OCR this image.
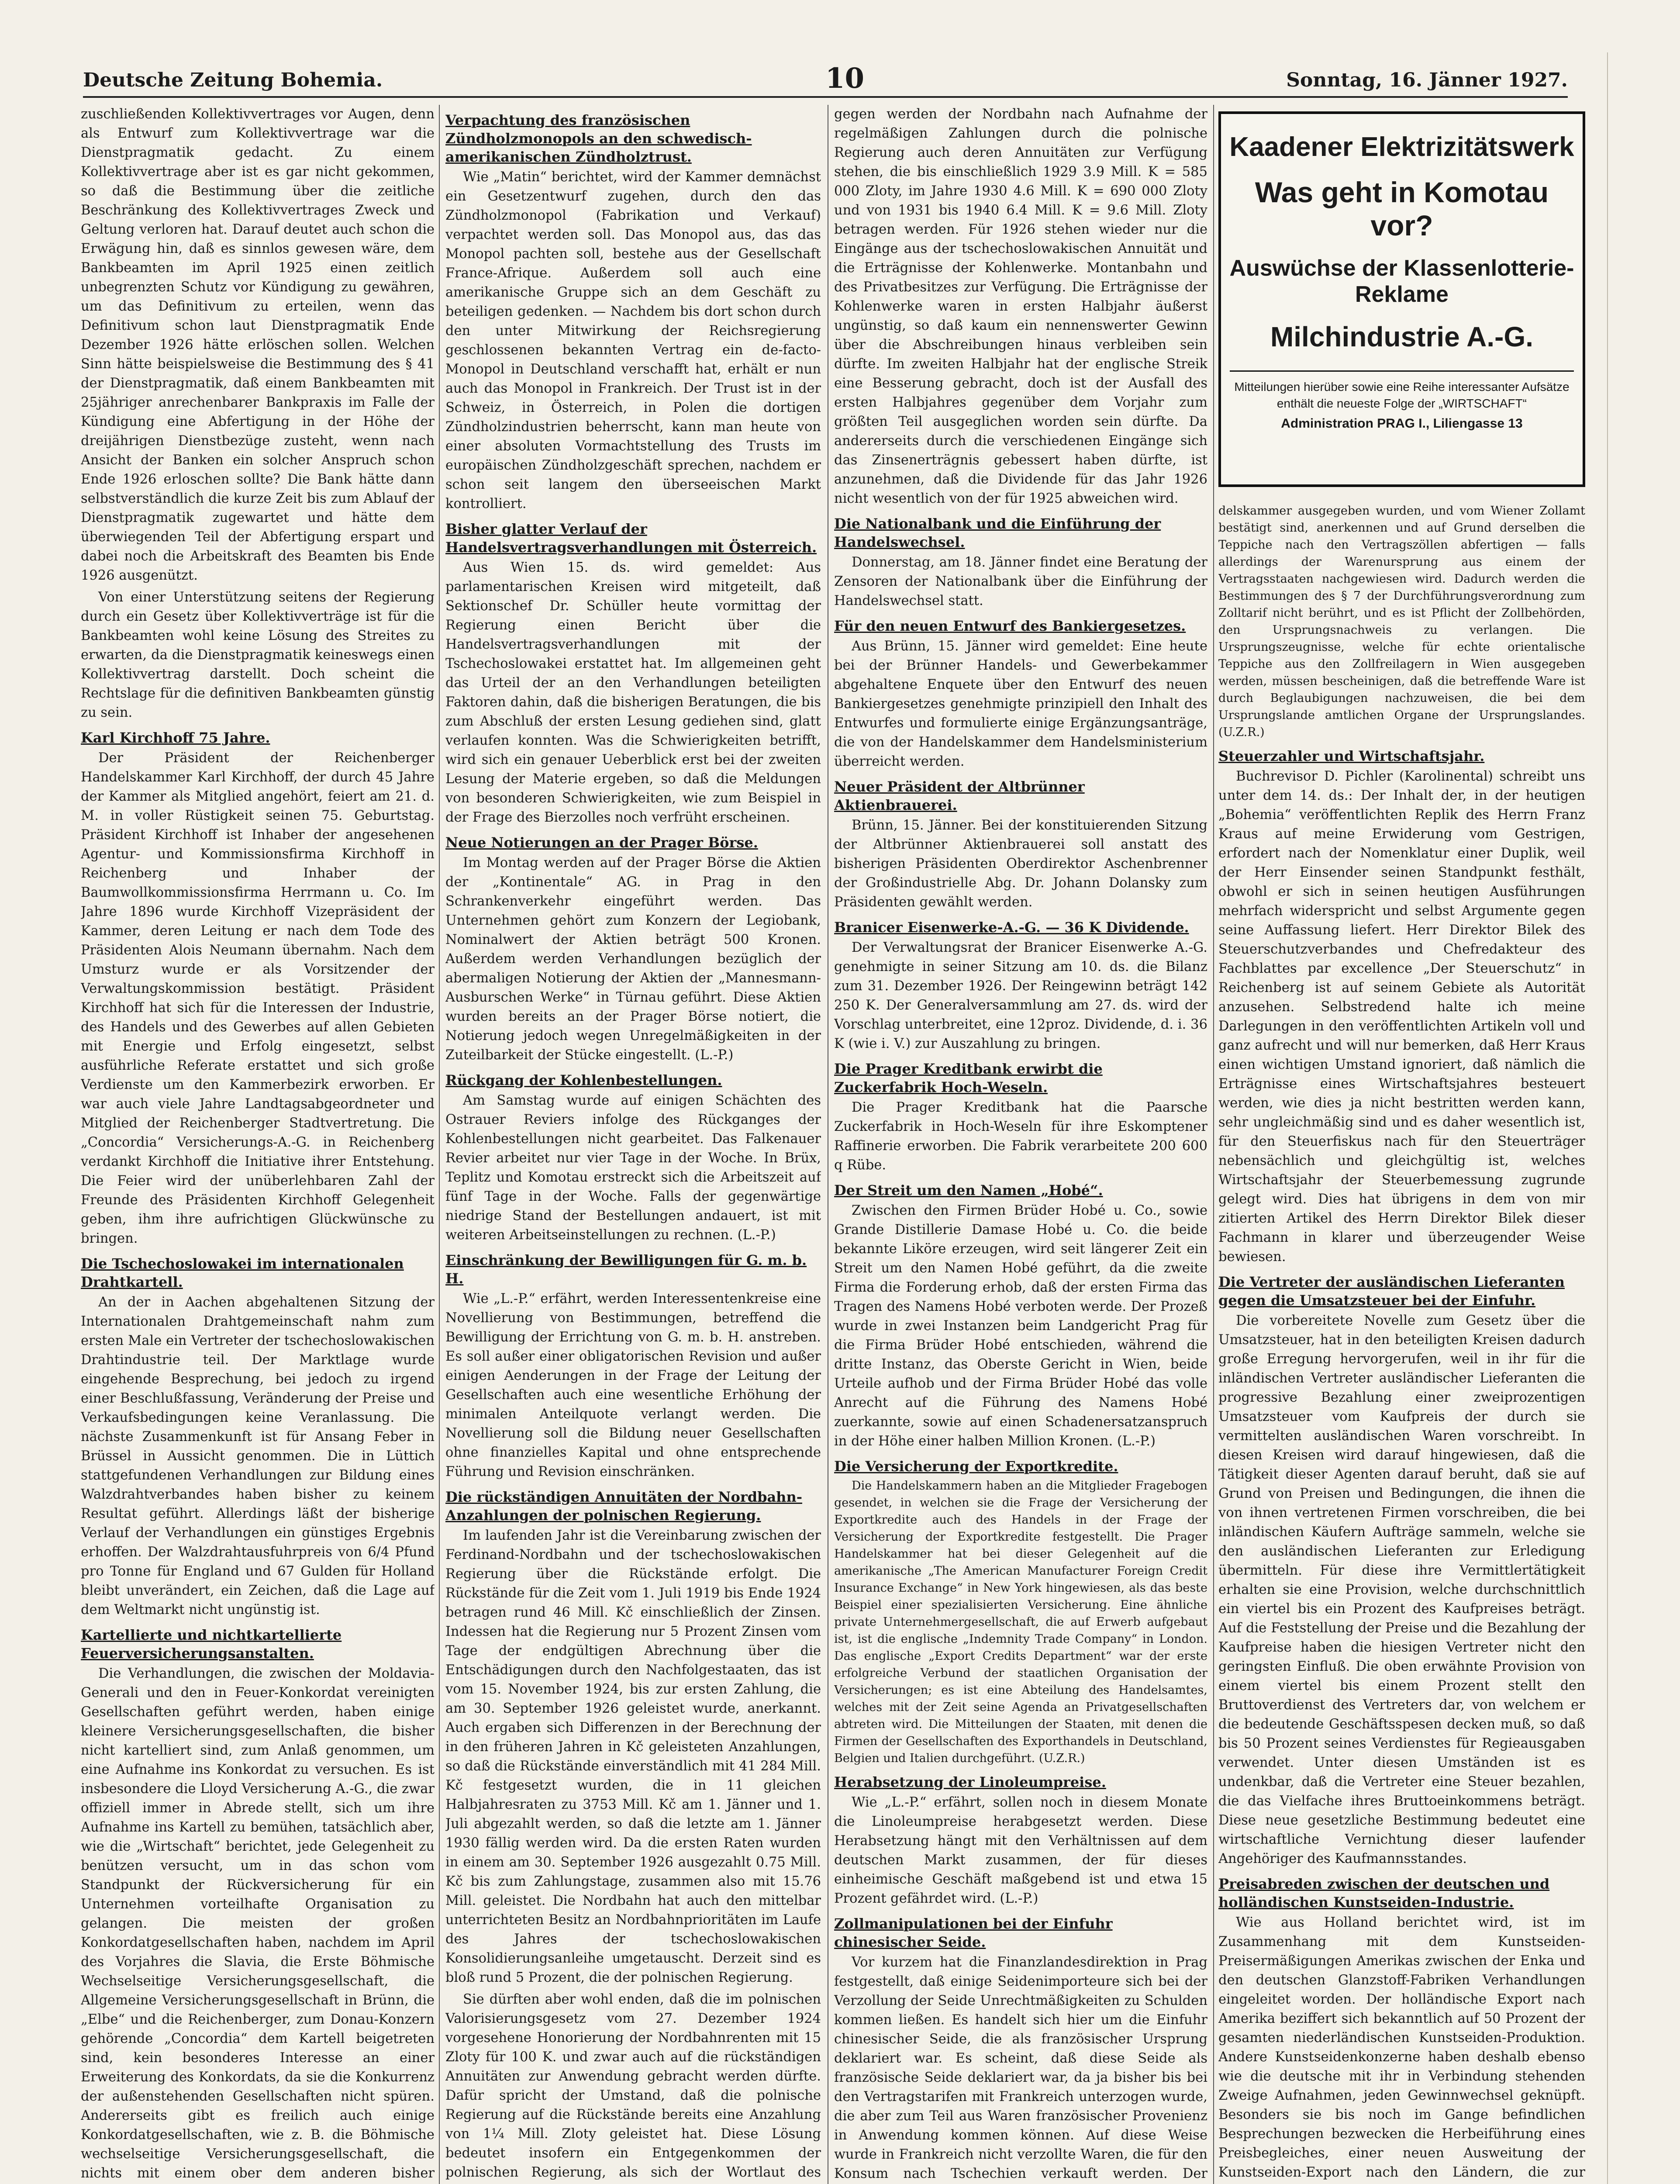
Deutsche Zeitung Bohemia.	10	Sonntag, 16. Jänner 1927.

zuschließenden Kollektivvertrages vor Augen, denn als Entwurf zum Kollektivvertrage war die Dienstpragmatik gedacht. Zu einem Kollektivvertrage aber ist es gar nicht gekommen, so daß die Bestimmung über die zeitliche Beschränkung des Kollektivvertrages Zweck und Geltung verloren hat. Darauf deutet auch schon die Erwägung hin, daß es sinnlos gewesen wäre, dem Bankbeamten im April 1925 einen zeitlich unbegrenzten Schutz vor Kündigung zu gewähren, um das Definitivum zu erteilen, wenn das Definitivum schon laut Dienstpragmatik Ende Dezember 1926 hätte erlöschen sollen. Welchen Sinn hätte beispielsweise die Bestimmung des § 41 der Dienstpragmatik, daß einem Bankbeamten mit 25jähriger anrechenbarer Bankpraxis im Falle der Kündigung eine Abfertigung in der Höhe der dreijährigen Dienstbezüge zusteht, wenn nach Ansicht der Banken ein solcher Anspruch schon Ende 1926 erloschen sollte? Die Bank hätte dann selbstverständlich die kurze Zeit bis zum Ablauf der Dienstpragmatik zugewartet und hätte dem überwiegenden Teil der Abfertigung erspart und dabei noch die Arbeitskraft des Beamten bis Ende 1926 ausgenützt.

Von einer Unterstützung seitens der Regierung durch ein Gesetz über Kollektivverträge ist für die Bankbeamten wohl keine Lösung des Streites zu erwarten, da die Dienstpragmatik keineswegs einen Kollektivvertrag darstellt. Doch scheint die Rechtslage für die definitiven Bankbeamten günstig zu sein.

Karl Kirchhoff 75 Jahre.

Der Präsident der Reichenberger Handelskammer Karl Kirchhoff, der durch 45 Jahre der Kammer als Mitglied angehört, feiert am 21. d. M. in voller Rüstigkeit seinen 75. Geburtstag. Präsident Kirchhoff ist Inhaber der angesehenen Agentur- und Kommissionsfirma Kirchhoff in Reichenberg und Inhaber der Baumwollkommissionsfirma Herrmann u. Co. Im Jahre 1896 wurde Kirchhoff Vizepräsident der Kammer, deren Leitung er nach dem Tode des Präsidenten Alois Neumann übernahm. Nach dem Umsturz wurde er als Vorsitzender der Verwaltungskommission bestätigt. Präsident Kirchhoff hat sich für die Interessen der Industrie, des Handels und des Gewerbes auf allen Gebieten mit Energie und Erfolg eingesetzt, selbst ausführliche Referate erstattet und sich große Verdienste um den Kammerbezirk erworben. Er war auch viele Jahre Landtagsabgeordneter und Mitglied der Reichenberger Stadtvertretung. Die „Concordia“ Versicherungs-A.-G. in Reichenberg verdankt Kirchhoff die Initiative ihrer Entstehung. Die Feier wird der unüberlehbaren Zahl der Freunde des Präsidenten Kirchhoff Gelegenheit geben, ihm ihre aufrichtigen Glückwünsche zu bringen.

Die Tschechoslowakei im internationalen Drahtkartell.

An der in Aachen abgehaltenen Sitzung der Internationalen Drahtgemeinschaft nahm zum ersten Male ein Vertreter der tschechoslowakischen Drahtindustrie teil. Der Marktlage wurde eingehende Besprechung, bei jedoch zu irgend einer Beschlußfassung, Veränderung der Preise und Verkaufsbedingungen keine Veranlassung. Die nächste Zusammenkunft ist für Ansang Feber in Brüssel in Aussicht genommen. Die in Lüttich stattgefundenen Verhandlungen zur Bildung eines Walzdrahtverbandes haben bisher zu keinem Resultat geführt. Allerdings läßt der bisherige Verlauf der Verhandlungen ein günstiges Ergebnis erhoffen. Der Walzdrahtausfuhrpreis von 6/4 Pfund pro Tonne für England und 67 Gulden für Holland bleibt unverändert, ein Zeichen, daß die Lage auf dem Weltmarkt nicht ungünstig ist.

Kartellierte und nichtkartellierte Feuerversicherungsanstalten.

Die Verhandlungen, die zwischen der Moldavia-Generali und den in Feuer-Konkordat vereinigten Gesellschaften geführt werden, haben einige kleinere Versicherungsgesellschaften, die bisher nicht kartelliert sind, zum Anlaß genommen, um eine Aufnahme ins Konkordat zu versuchen. Es ist insbesondere die Lloyd Versicherung A.-G., die zwar offiziell immer in Abrede stellt, sich um ihre Aufnahme ins Kartell zu bemühen, tatsächlich aber, wie die „Wirtschaft“ berichtet, jede Gelegenheit zu benützen versucht, um in das schon vom Standpunkt der Rückversicherung für ein Unternehmen vorteilhafte Organisation zu gelangen. Die meisten der großen Konkordatgesellschaften haben, nachdem im April des Vorjahres die Slavia, die Erste Böhmische Wechselseitige Versicherungsgesellschaft, die Allgemeine Versicherungsgesellschaft in Brünn, die „Elbe“ und die Reichenberger, zum Donau-Konzern gehörende „Concordia“ dem Kartell beigetreten sind, kein besonderes Interesse an einer Erweiterung des Konkordats, da sie die Konkurrenz der außenstehenden Gesellschaften nicht spüren. Andererseits gibt es freilich auch einige Konkordatgesellschaften, wie z. B. die Böhmische wechselseitige Versicherungsgesellschaft, die nichts mit einem ober dem anderen bisher

Verpachtung des französischen Zündholzmonopols an den schwedisch-amerikanischen Zündholztrust.

Wie „Matin“ berichtet, wird der Kammer demnächst ein Gesetzentwurf zugehen, durch den das Zündholzmonopol (Fabrikation und Verkauf) verpachtet werden soll. Das Monopol aus, das das Monopol pachten soll, bestehe aus der Gesellschaft France-Afrique. Außerdem soll auch eine amerikanische Gruppe sich an dem Geschäft zu beteiligen gedenken. — Nachdem bis dort schon durch den unter Mitwirkung der Reichsregierung geschlossenen bekannten Vertrag ein de-facto-Monopol in Deutschland verschafft hat, erhält er nun auch das Monopol in Frankreich. Der Trust ist in der Schweiz, in Österreich, in Polen die dortigen Zündholzindustrien beherrscht, kann man heute von einer absoluten Vormachtstellung des Trusts im europäischen Zündholzgeschäft sprechen, nachdem er schon seit langem den überseeischen Markt kontrolliert.

Bisher glatter Verlauf der Handelsvertragsverhandlungen mit Österreich.

Aus Wien 15. ds. wird gemeldet: Aus parlamentarischen Kreisen wird mitgeteilt, daß Sektionschef Dr. Schüller heute vormittag der Regierung einen Bericht über die Handelsvertragsverhandlungen mit der Tschechoslowakei erstattet hat. Im allgemeinen geht das Urteil der an den Verhandlungen beteiligten Faktoren dahin, daß die bisherigen Beratungen, die bis zum Abschluß der ersten Lesung gediehen sind, glatt verlaufen konnten. Was die Schwierigkeiten betrifft, wird sich ein genauer Ueberblick erst bei der zweiten Lesung der Materie ergeben, so daß die Meldungen von besonderen Schwierigkeiten, wie zum Beispiel in der Frage des Bierzolles noch verfrüht erscheinen.

Neue Notierungen an der Prager Börse.

Im Montag werden auf der Prager Börse die Aktien der „Kontinentale“ AG. in Prag in den Schrankenverkehr eingeführt werden. Das Unternehmen gehört zum Konzern der Legiobank, Nominalwert der Aktien beträgt 500 Kronen. Außerdem werden Verhandlungen bezüglich der abermaligen Notierung der Aktien der „Mannesmann-Ausburschen Werke“ in Türnau geführt. Diese Aktien wurden bereits an der Prager Börse notiert, die Notierung jedoch wegen Unregelmäßigkeiten in der Zuteilbarkeit der Stücke eingestellt. (L.-P.)

Rückgang der Kohlenbestellungen.

Am Samstag wurde auf einigen Schächten des Ostrauer Reviers infolge des Rückganges der Kohlenbestellungen nicht gearbeitet. Das Falkenauer Revier arbeitet nur vier Tage in der Woche. In Brüx, Teplitz und Komotau erstreckt sich die Arbeitszeit auf fünf Tage in der Woche. Falls der gegenwärtige niedrige Stand der Bestellungen andauert, ist mit weiteren Arbeitseinstellungen zu rechnen. (L.-P.)

Einschränkung der Bewilligungen für G. m. b. H.

Wie „L.-P.“ erfährt, werden Interessentenkreise eine Novellierung von Bestimmungen, betreffend die Bewilligung der Errichtung von G. m. b. H. anstreben. Es soll außer einer obligatorischen Revision und außer einigen Aenderungen in der Frage der Leitung der Gesellschaften auch eine wesentliche Erhöhung der minimalen Anteilquote verlangt werden. Die Novellierung soll die Bildung neuer Gesellschaften ohne finanzielles Kapital und ohne entsprechende Führung und Revision einschränken.

Die rückständigen Annuitäten der Nordbahn-Anzahlungen der polnischen Regierung.

Im laufenden Jahr ist die Vereinbarung zwischen der Ferdinand-Nordbahn und der tschechoslowakischen Regierung über die Rückstände erfolgt. Die Rückstände für die Zeit vom 1. Juli 1919 bis Ende 1924 betragen rund 46 Mill. Kč einschließlich der Zinsen. Indessen hat die Regierung nur 5 Prozent Zinsen vom Tage der endgültigen Abrechnung über die Entschädigungen durch den Nachfolgestaaten, das ist vom 15. November 1924, bis zur ersten Zahlung, die am 30. September 1926 geleistet wurde, anerkannt. Auch ergaben sich Differenzen in der Berechnung der in den früheren Jahren in Kč geleisteten Anzahlungen, so daß die Rückstände einverständlich mit 41 284 Mill. Kč festgesetzt wurden, die in 11 gleichen Halbjahresraten zu 3753 Mill. Kč am 1. Jänner und 1. Juli abgezahlt werden, so daß die letzte am 1. Jänner 1930 fällig werden wird. Da die ersten Raten wurden in einem am 30. September 1926 ausgezahlt 0.75 Mill. Kč bis zum Zahlungstage, zusammen also mit 15.76 Mill. geleistet. Die Nordbahn hat auch den mittelbar unterrichteten Besitz an Nordbahnprioritäten im Laufe des Jahres der tschechoslowakischen Konsolidierungsanleihe umgetauscht. Derzeit sind es bloß rund 5 Prozent, die der polnischen Regierung.

Sie dürften aber wohl enden, daß die im polnischen Valorisierungsgesetz vom 27. Dezember 1924 vorgesehene Honorierung der Nordbahnrenten mit 15 Zloty für 100 K. und zwar auch auf die rückständigen Annuitäten zur Anwendung gebracht werden dürfte. Dafür spricht der Umstand, daß die polnische Regierung auf die Rückstände bereits eine Anzahlung von 1¼ Mill. Zloty geleistet hat. Diese Lösung bedeutet insofern ein Entgegenkommen der polnischen Regierung, als sich der Wortlaut des

gegen werden der Nordbahn nach Aufnahme der regelmäßigen Zahlungen durch die polnische Regierung auch deren Annuitäten zur Verfügung stehen, die bis einschließlich 1929 3.9 Mill. K = 585 000 Zloty, im Jahre 1930 4.6 Mill. K = 690 000 Zloty und von 1931 bis 1940 6.4 Mill. K = 9.6 Mill. Zloty betragen werden. Für 1926 stehen wieder nur die Eingänge aus der tschechoslowakischen Annuität und die Erträgnisse der Kohlenwerke. Montanbahn und des Privatbesitzes zur Verfügung. Die Erträgnisse der Kohlenwerke waren in ersten Halbjahr äußerst ungünstig, so daß kaum ein nennenswerter Gewinn über die Abschreibungen hinaus verbleiben sein dürfte. Im zweiten Halbjahr hat der englische Streik eine Besserung gebracht, doch ist der Ausfall des ersten Halbjahres gegenüber dem Vorjahr zum größten Teil ausgeglichen worden sein dürfte. Da andererseits durch die verschiedenen Eingänge sich das Zinsenerträgnis gebessert haben dürfte, ist anzunehmen, daß die Dividende für das Jahr 1926 nicht wesentlich von der für 1925 abweichen wird.

Die Nationalbank und die Einführung der Handelswechsel.

Donnerstag, am 18. Jänner findet eine Beratung der Zensoren der Nationalbank über die Einführung der Handelswechsel statt.

Für den neuen Entwurf des Bankiergesetzes.

Aus Brünn, 15. Jänner wird gemeldet: Eine heute bei der Brünner Handels- und Gewerbekammer abgehaltene Enquete über den Entwurf des neuen Bankiergesetzes genehmigte prinzipiell den Inhalt des Entwurfes und formulierte einige Ergänzungsanträge, die von der Handelskammer dem Handelsministerium überreicht werden.

Neuer Präsident der Altbrünner Aktienbrauerei.

Brünn, 15. Jänner. Bei der konstituierenden Sitzung der Altbrünner Aktienbrauerei soll anstatt des bisherigen Präsidenten Oberdirektor Aschenbrenner der Großindustrielle Abg. Dr. Johann Dolansky zum Präsidenten gewählt werden.

Branicer Eisenwerke-A.-G. — 36 K Dividende.

Der Verwaltungsrat der Branicer Eisenwerke A.-G. genehmigte in seiner Sitzung am 10. ds. die Bilanz zum 31. Dezember 1926. Der Reingewinn beträgt 142 250 K. Der Generalversammlung am 27. ds. wird der Vorschlag unterbreitet, eine 12proz. Dividende, d. i. 36 K (wie i. V.) zur Auszahlung zu bringen.

Die Prager Kreditbank erwirbt die Zuckerfabrik Hoch-Weseln.

Die Prager Kreditbank hat die Paarsche Zuckerfabrik in Hoch-Weseln für ihre Eskomptener Raffinerie erworben. Die Fabrik verarbeitete 200 600 q Rübe.

Der Streit um den Namen „Hobé“.

Zwischen den Firmen Brüder Hobé u. Co., sowie Grande Distillerie Damase Hobé u. Co. die beide bekannte Liköre erzeugen, wird seit längerer Zeit ein Streit um den Namen Hobé geführt, da die zweite Firma die Forderung erhob, daß der ersten Firma das Tragen des Namens Hobé verboten werde. Der Prozeß wurde in zwei Instanzen beim Landgericht Prag für die Firma Brüder Hobé entschieden, während die dritte Instanz, das Oberste Gericht in Wien, beide Urteile aufhob und der Firma Brüder Hobé das volle Anrecht auf die Führung des Namens Hobé zuerkannte, sowie auf einen Schadenersatzanspruch in der Höhe einer halben Million Kronen. (L.-P.)

Die Versicherung der Exportkredite.

Die Handelskammern haben an die Mitglieder Fragebogen gesendet, in welchen sie die Frage der Versicherung der Exportkredite auch des Handels in der Frage der Versicherung der Exportkredite festgestellt. Die Prager Handelskammer hat bei dieser Gelegenheit auf die amerikanische „The American Manufacturer Foreign Credit Insurance Exchange“ in New York hingewiesen, als das beste Beispiel einer spezialisierten Versicherung. Eine ähnliche private Unternehmergesellschaft, die auf Erwerb aufgebaut ist, ist die englische „Indemnity Trade Company“ in London. Das englische „Export Credits Department“ war der erste erfolgreiche Verbund der staatlichen Organisation der Versicherungen; es ist eine Abteilung des Handelsamtes, welches mit der Zeit seine Agenda an Privatgesellschaften abtreten wird. Die Mitteilungen der Staaten, mit denen die Firmen der Gesellschaften des Exporthandels in Deutschland, Belgien und Italien durchgeführt. (U.Z.R.)

Herabsetzung der Linoleumpreise.

Wie „L.-P.“ erfährt, sollen noch in diesem Monate die Linoleumpreise herabgesetzt werden. Diese Herabsetzung hängt mit den Verhältnissen auf dem deutschen Markt zusammen, der für dieses einheimische Geschäft maßgebend ist und etwa 15 Prozent gefährdet wird. (L.-P.)

Zollmanipulationen bei der Einfuhr chinesischer Seide.

Vor kurzem hat die Finanzlandesdirektion in Prag festgestellt, daß einige Seidenimporteure sich bei der Verzollung der Seide Unrechtmäßigkeiten zu Schulden kommen ließen. Es handelt sich hier um die Einfuhr chinesischer Seide, die als französischer Ursprung deklariert war. Es scheint, daß diese Seide als französische Seide deklariert war, da ja bisher bis bei den Vertragstarifen mit Frankreich unterzogen wurde, die aber zum Teil aus Waren französischer Provenienz in Anwendung kommen können. Auf diese Weise wurde in Frankreich nicht verzollte Waren, die für den Konsum nach Tschechien verkauft werden. Der

Kaadener Elektrizitätswerk
Was geht in Komotau vor?
Auswüchse der Klassenlotterie-Reklame
Milchindustrie A.-G.
Mitteilungen hierüber sowie eine Reihe interessanter Aufsätze enthält die neueste Folge der „WIRTSCHAFT“
Administration PRAG I., Liliengasse 13

delskammer ausgegeben wurden, und vom Wiener Zollamt bestätigt sind, anerkennen und auf Grund derselben die Teppiche nach den Vertragszöllen abfertigen — falls allerdings der Warenursprung aus einem der Vertragsstaaten nachgewiesen wird. Dadurch werden die Bestimmungen des § 7 der Durchführungsverordnung zum Zolltarif nicht berührt, und es ist Pflicht der Zollbehörden, den Ursprungsnachweis zu verlangen. Die Ursprungszeugnisse, welche für echte orientalische Teppiche aus den Zollfreilagern in Wien ausgegeben werden, müssen bescheinigen, daß die betreffende Ware ist durch Beglaubigungen nachzuweisen, die bei dem Ursprungslande amtlichen Organe der Ursprungslandes. (U.Z.R.)

Steuerzahler und Wirtschaftsjahr.

Buchrevisor D. Pichler (Karolinental) schreibt uns unter dem 14. ds.: Der Inhalt der, in der heutigen „Bohemia“ veröffentlichten Replik des Herrn Franz Kraus auf meine Erwiderung vom Gestrigen, erfordert nach der Nomenklatur einer Duplik, weil der Herr Einsender seinen Standpunkt festhält, obwohl er sich in seinen heutigen Ausführungen mehrfach widerspricht und selbst Argumente gegen seine Auffassung liefert. Herr Direktor Bilek des Steuerschutzverbandes und Chefredakteur des Fachblattes par excellence „Der Steuerschutz“ in Reichenberg ist auf seinem Gebiete als Autorität anzusehen. Selbstredend halte ich meine Darlegungen in den veröffentlichten Artikeln voll und ganz aufrecht und will nur bemerken, daß Herr Kraus einen wichtigen Umstand ignoriert, daß nämlich die Erträgnisse eines Wirtschaftsjahres besteuert werden, wie dies ja nicht bestritten werden kann, sehr ungleichmäßig sind und es daher wesentlich ist, für den Steuerfiskus nach für den Steuerträger nebensächlich und gleichgültig ist, welches Wirtschaftsjahr der Steuerbemessung zugrunde gelegt wird. Dies hat übrigens in dem von mir zitierten Artikel des Herrn Direktor Bilek dieser Fachmann in klarer und überzeugender Weise bewiesen.

Die Vertreter der ausländischen Lieferanten gegen die Umsatzsteuer bei der Einfuhr.

Die vorbereitete Novelle zum Gesetz über die Umsatzsteuer, hat in den beteiligten Kreisen dadurch große Erregung hervorgerufen, weil in ihr für die inländischen Vertreter ausländischer Lieferanten die progressive Bezahlung einer zweiprozentigen Umsatzsteuer vom Kaufpreis der durch sie vermittelten ausländischen Waren vorschreibt. In diesen Kreisen wird darauf hingewiesen, daß die Tätigkeit dieser Agenten darauf beruht, daß sie auf Grund von Preisen und Bedingungen, die ihnen die von ihnen vertretenen Firmen vorschreiben, die bei inländischen Käufern Aufträge sammeln, welche sie den ausländischen Lieferanten zur Erledigung übermitteln. Für diese ihre Vermittlertätigkeit erhalten sie eine Provision, welche durchschnittlich ein viertel bis ein Prozent des Kaufpreises beträgt. Auf die Feststellung der Preise und die Bezahlung der Kaufpreise haben die hiesigen Vertreter nicht den geringsten Einfluß. Die oben erwähnte Provision von einem viertel bis einem Prozent stellt den Bruttoverdienst des Vertreters dar, von welchem er die bedeutende Geschäftsspesen decken muß, so daß bis 50 Prozent seines Verdienstes für Regieausgaben verwendet. Unter diesen Umständen ist es undenkbar, daß die Vertreter eine Steuer bezahlen, die das Vielfache ihres Bruttoeinkommens beträgt. Diese neue gesetzliche Bestimmung bedeutet eine wirtschaftliche Vernichtung dieser laufender Angehöriger des Kaufmannsstandes.

Preisabreden zwischen der deutschen und holländischen Kunstseiden-Industrie.

Wie aus Holland berichtet wird, ist im Zusammenhang mit dem Kunstseiden-Preisermäßigungen Amerikas zwischen der Enka und den deutschen Glanzstoff-Fabriken Verhandlungen eingeleitet worden. Der holländische Export nach Amerika beziffert sich bekanntlich auf 50 Prozent der gesamten niederländischen Kunstseiden-Produktion. Andere Kunstseidenkonzerne haben deshalb ebenso wie die deutsche mit ihr in Verbindung stehenden Zweige Aufnahmen, jeden Gewinnwechsel geknüpft. Besonders sie bis noch im Gange befindlichen Besprechungen bezwecken die Herbeiführung eines Preisbegleiches, einer neuen Ausweitung der Kunstseiden-Export nach den Ländern, die zur
